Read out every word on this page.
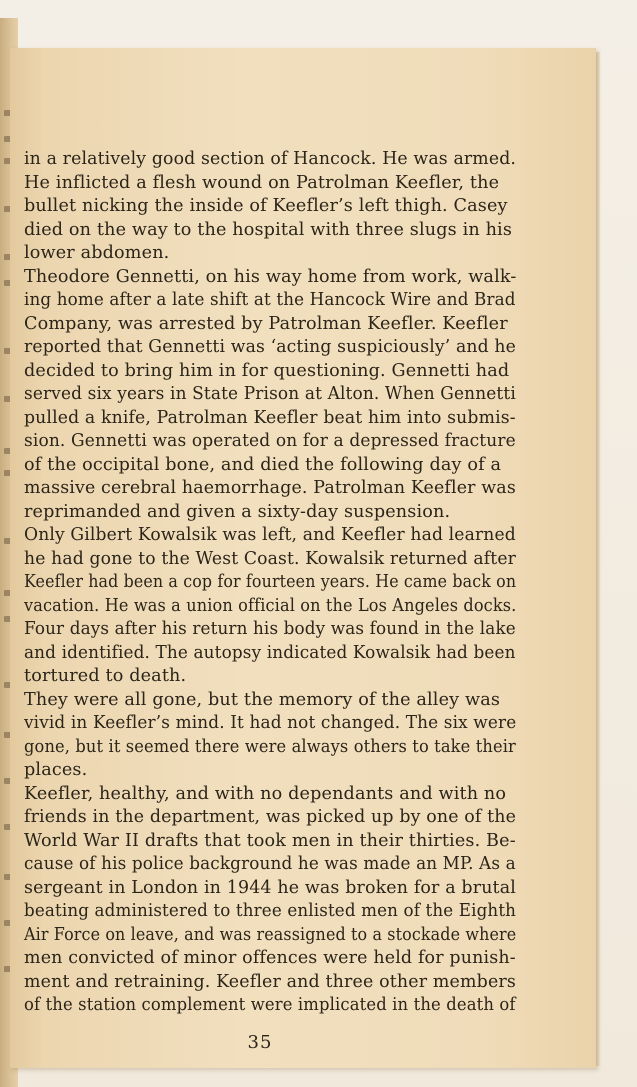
in a relatively good section of Hancock. He was armed.
He inflicted a flesh wound on Patrolman Keefler, the
bullet nicking the inside of Keefler’s left thigh. Casey
died on the way to the hospital with three slugs in his
lower abdomen.
Theodore Gennetti, on his way home from work, walk-
ing home after a late shift at the Hancock Wire and Brad
Company, was arrested by Patrolman Keefler. Keefler
reported that Gennetti was ‘acting suspiciously’ and he
decided to bring him in for questioning. Gennetti had
served six years in State Prison at Alton. When Gennetti
pulled a knife, Patrolman Keefler beat him into submis-
sion. Gennetti was operated on for a depressed fracture
of the occipital bone, and died the following day of a
massive cerebral haemorrhage. Patrolman Keefler was
reprimanded and given a sixty-day suspension.
Only Gilbert Kowalsik was left, and Keefler had learned
he had gone to the West Coast. Kowalsik returned after
Keefler had been a cop for fourteen years. He came back on
vacation. He was a union official on the Los Angeles docks.
Four days after his return his body was found in the lake
and identified. The autopsy indicated Kowalsik had been
tortured to death.
They were all gone, but the memory of the alley was
vivid in Keefler’s mind. It had not changed. The six were
gone, but it seemed there were always others to take their
places.
Keefler, healthy, and with no dependants and with no
friends in the department, was picked up by one of the
World War II drafts that took men in their thirties. Be-
cause of his police background he was made an MP. As a
sergeant in London in 1944 he was broken for a brutal
beating administered to three enlisted men of the Eighth
Air Force on leave, and was reassigned to a stockade where
men convicted of minor offences were held for punish-
ment and retraining. Keefler and three other members
of the station complement were implicated in the death of
35
